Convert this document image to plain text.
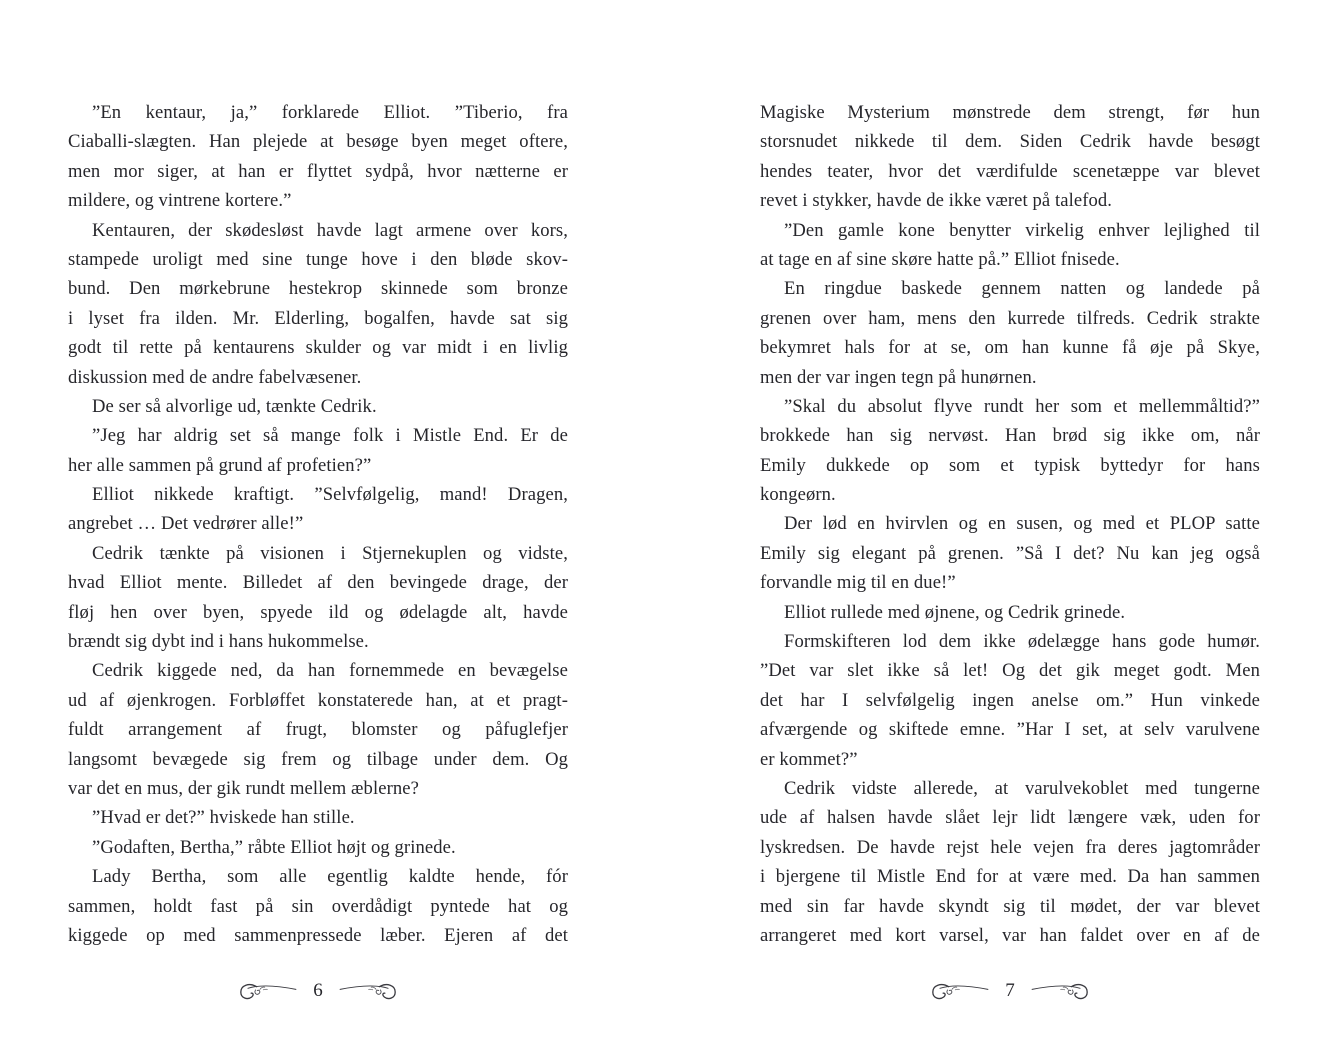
”En kentaur, ja,” forklarede Elliot. ”Tiberio, fra
Ciaballi-slægten. Han plejede at besøge byen meget oftere,
men mor siger, at han er flyttet sydpå, hvor nætterne er
mildere, og vintrene kortere.”
Kentauren, der skødesløst havde lagt armene over kors,
stampede uroligt med sine tunge hove i den bløde skov-
bund. Den mørkebrune hestekrop skinnede som bronze
i lyset fra ilden. Mr. Elderling, bogalfen, havde sat sig
godt til rette på kentaurens skulder og var midt i en livlig
diskussion med de andre fabelvæsener.
De ser så alvorlige ud, tænkte Cedrik.
”Jeg har aldrig set så mange folk i Mistle End. Er de
her alle sammen på grund af profetien?”
Elliot nikkede kraftigt. ”Selvfølgelig, mand! Dragen,
angrebet … Det vedrører alle!”
Cedrik tænkte på visionen i Stjernekuplen og vidste,
hvad Elliot mente. Billedet af den bevingede drage, der
fløj hen over byen, spyede ild og ødelagde alt, havde
brændt sig dybt ind i hans hukommelse.
Cedrik kiggede ned, da han fornemmede en bevægelse
ud af øjenkrogen. Forbløffet konstaterede han, at et pragt-
fuldt arrangement af frugt, blomster og påfuglefjer
langsomt bevægede sig frem og tilbage under dem. Og
var det en mus, der gik rundt mellem æblerne?
”Hvad er det?” hviskede han stille.
”Godaften, Bertha,” råbte Elliot højt og grinede.
Lady Bertha, som alle egentlig kaldte hende, fór
sammen, holdt fast på sin overdådigt pyntede hat og
kiggede op med sammenpressede læber. Ejeren af det
6
Magiske Mysterium mønstrede dem strengt, før hun
storsnudet nikkede til dem. Siden Cedrik havde besøgt
hendes teater, hvor det værdifulde scenetæppe var blevet
revet i stykker, havde de ikke været på talefod.
”Den gamle kone benytter virkelig enhver lejlighed til
at tage en af sine skøre hatte på.” Elliot fnisede.
En ringdue baskede gennem natten og landede på
grenen over ham, mens den kurrede tilfreds. Cedrik strakte
bekymret hals for at se, om han kunne få øje på Skye,
men der var ingen tegn på hunørnen.
”Skal du absolut flyve rundt her som et mellemmåltid?”
brokkede han sig nervøst. Han brød sig ikke om, når
Emily dukkede op som et typisk byttedyr for hans
kongeørn.
Der lød en hvirvlen og en susen, og med et PLOP satte
Emily sig elegant på grenen. ”Så I det? Nu kan jeg også
forvandle mig til en due!”
Elliot rullede med øjnene, og Cedrik grinede.
Formskifteren lod dem ikke ødelægge hans gode humør.
”Det var slet ikke så let! Og det gik meget godt. Men
det har I selvfølgelig ingen anelse om.” Hun vinkede
afværgende og skiftede emne. ”Har I set, at selv varulvene
er kommet?”
Cedrik vidste allerede, at varulvekoblet med tungerne
ude af halsen havde slået lejr lidt længere væk, uden for
lyskredsen. De havde rejst hele vejen fra deres jagtområder
i bjergene til Mistle End for at være med. Da han sammen
med sin far havde skyndt sig til mødet, der var blevet
arrangeret med kort varsel, var han faldet over en af de
7
